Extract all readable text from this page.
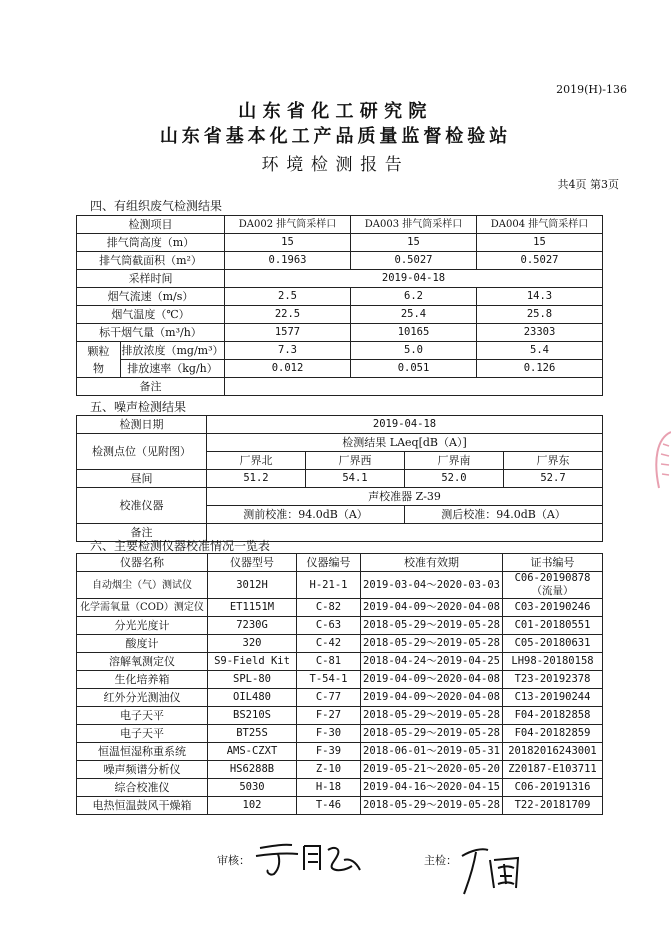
2019(H)-136
山东省化工研究院
山东省基本化工产品质量监督检验站
环境检测报告
共4页 第3页
四、有组织废气检测结果
检测项目		DA002 排气筒采样口	DA003 排气筒采样口	DA004 排气筒采样口
排气筒高度（m）		15	15	15
排气筒截面积（m²）		0.1963	0.5027	0.5027
采样时间		2019-04-18		
烟气流速（m/s）		2.5	6.2	14.3
烟气温度（℃）		22.5	25.4	25.8
标干烟气量（m³/h）		1577	10165	23303
颗粒物	排放浓度（mg/m³）	7.3	5.0	5.4
	排放速率（kg/h）	0.012	0.051	0.126
备注				
五、噪声检测结果
检测日期	2019-04-18			
检测点位（见附图）	检测结果 LAeq[dB（A）]			
	厂界北	厂界西	厂界南	厂界东
昼间	51.2	54.1	52.0	52.7
校准仪器	声校准器 Z-39			
	测前校准：94.0dB（A）		测后校准：94.0dB（A）	
备注				
六、主要检测仪器校准情况一览表
仪器名称	仪器型号	仪器编号	校准有效期	证书编号
自动烟尘（气）测试仪	3012H	H-21-1	2019-03-04～2020-03-03	C06-20190878
（流量）
化学需氧量（COD）测定仪	ET1151M	C-82	2019-04-09～2020-04-08	C03-20190246
分光光度计	7230G	C-63	2018-05-29～2019-05-28	C01-20180551
酸度计	320	C-42	2018-05-29～2019-05-28	C05-20180631
溶解氧测定仪	S9-Field Kit	C-81	2018-04-24～2019-04-25	LH98-20180158
生化培养箱	SPL-80	T-54-1	2019-04-09～2020-04-08	T23-20192378
红外分光测油仪	OIL480	C-77	2019-04-09～2020-04-08	C13-20190244
电子天平	BS210S	F-27	2018-05-29～2019-05-28	F04-20182858
电子天平	BT25S	F-30	2018-05-29～2019-05-28	F04-20182859
恒温恒湿称重系统	AMS-CZXT	F-39	2018-06-01～2019-05-31	20182016243001
噪声频谱分析仪	HS6288B	Z-10	2019-05-21～2020-05-20	Z20187-E103711
综合校准仪	5030	H-18	2019-04-16～2020-04-15	C06-20191316
电热恒温鼓风干燥箱	102	T-46	2018-05-29～2019-05-28	T22-20181709
审核：	主检：
